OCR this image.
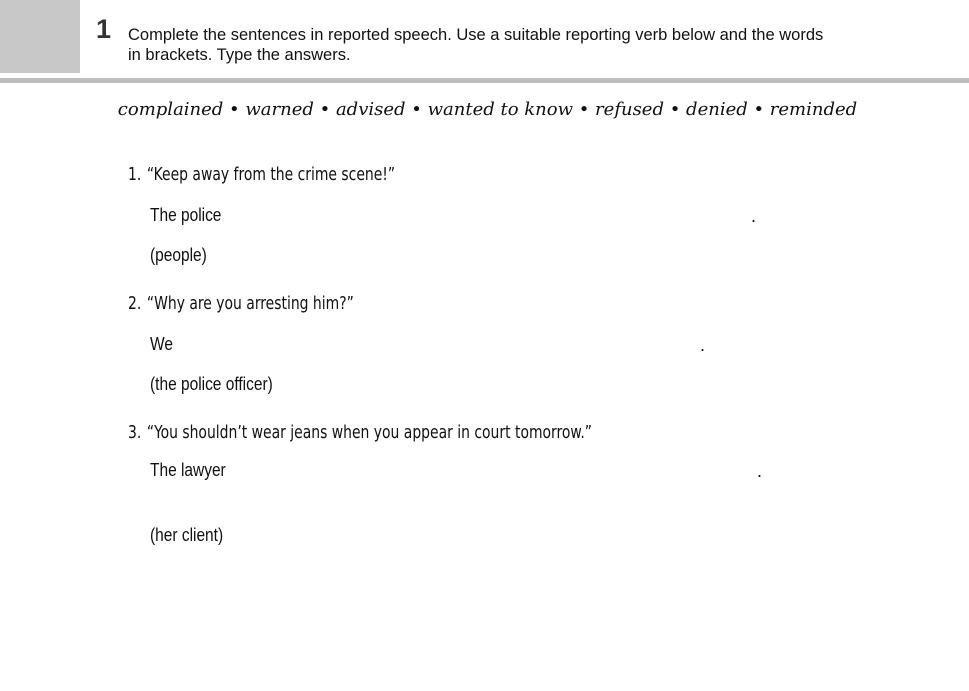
1 Complete the sentences in reported speech. Use a suitable reporting verb below and the words
in brackets. Type the answers.
complained • warned • advised • wanted to know • refused • denied • reminded
1. “Keep away from the crime scene!”
The police	.
(people)
2. “Why are you arresting him?”
We	.
(the police officer)
3. “You shouldn’t wear jeans when you appear in court tomorrow.”
The lawyer	.
(her client)
